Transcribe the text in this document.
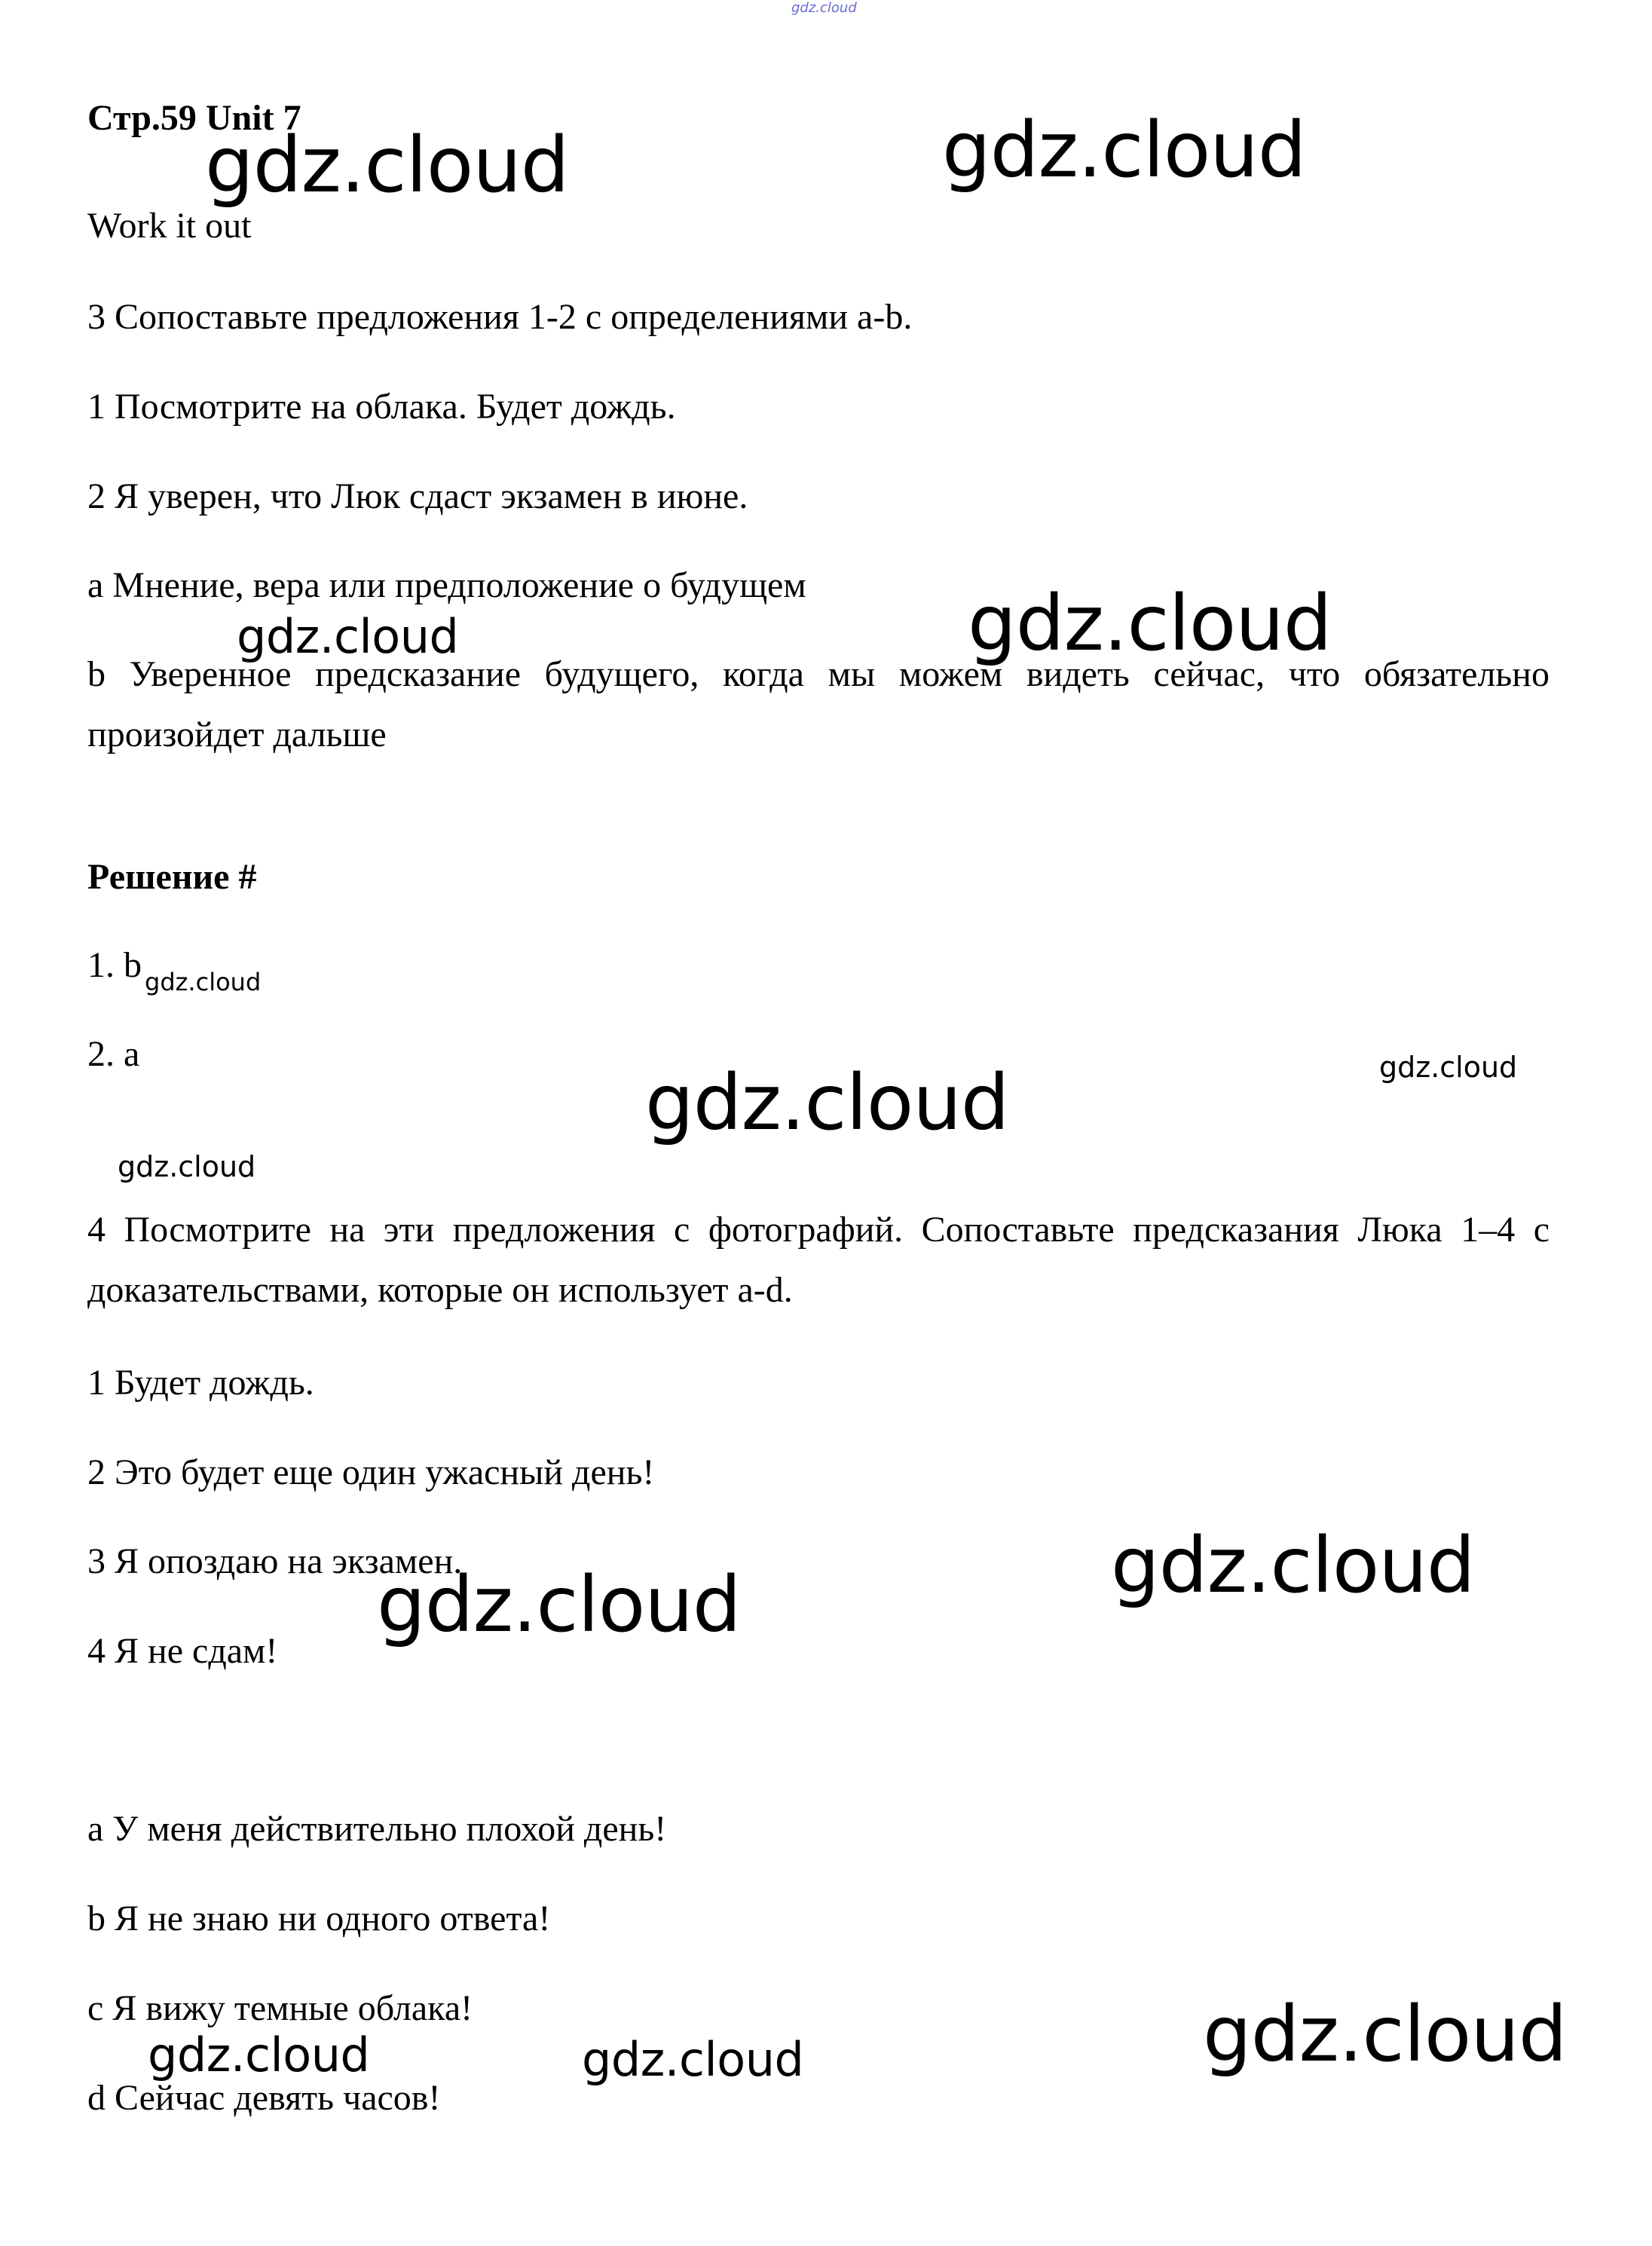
gdz.cloud

Стр.59 Unit 7

Work it out

3 Сопоставьте предложения 1-2 с определениями a-b.

1 Посмотрите на облака. Будет дождь.

2 Я уверен, что Люк сдаст экзамен в июне.

a Мнение, вера или предположение о будущем

b Уверенное предсказание будущего, когда мы можем видеть сейчас, что обязательно произойдет дальше

Решение #

1. b $_{gdz.cloud}$

2. a

4 Посмотрите на эти предложения с фотографий. Сопоставьте предсказания Люка 1–4 с доказательствами, которые он использует a-d.

1 Будет дождь.

2 Это будет еще один ужасный день!

3 Я опоздаю на экзамен.

4 Я не сдам!

a У меня действительно плохой день!

b Я не знаю ни одного ответа!

c Я вижу темные облака!

d Сейчас девять часов!

gdz.cloud	gdz.cloud
gdz.cloud	gdz.cloud
gdz.cloud	gdz.cloud
gdz.cloud
gdz.cloud
gdz.cloud
gdz.cloud
gdz.cloud	gdz.cloud
